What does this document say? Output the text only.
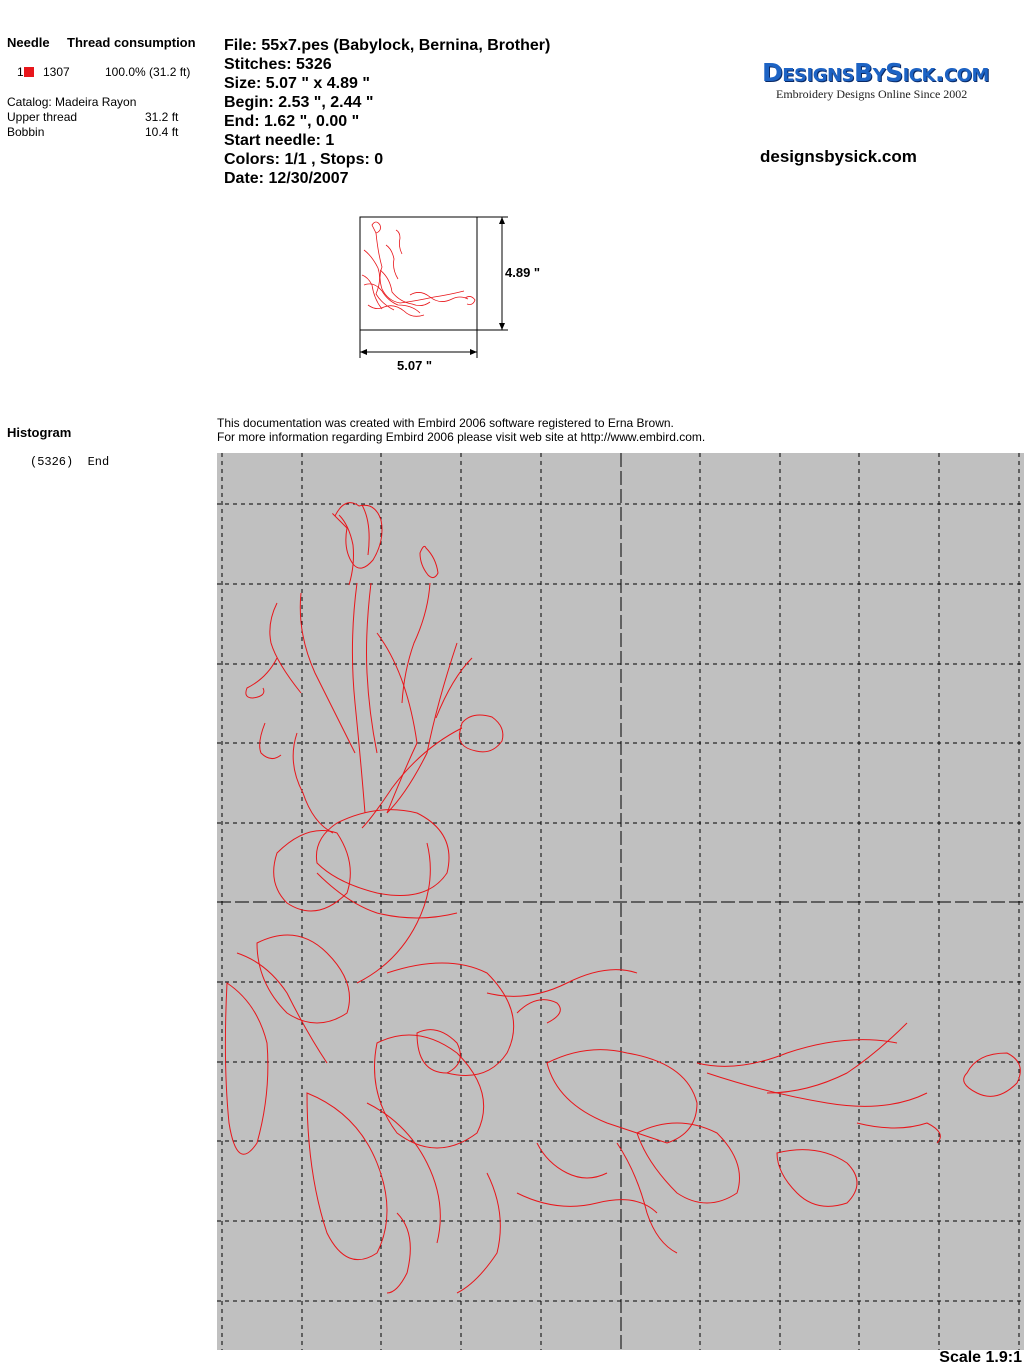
Needle Thread consumption
1	1307	100.0% (31.2 ft)
Catalog: Madeira Rayon
Upper thread	31.2 ft
Bobbin	10.4 ft
Histogram
(5326)  End
File: 55x7.pes (Babylock, Bernina, Brother)
Stitches: 5326
Size: 5.07 " x 4.89 "
Begin: 2.53 ", 2.44 "
End: 1.62 ", 0.00 "
Start needle: 1
Colors: 1/1 , Stops: 0
Date: 12/30/2007
DesignsBySick.com
Embroidery Designs Online Since 2002
designsbysick.com
4.89 "
5.07 "
This documentation was created with Embird 2006 software registered to Erna Brown.
For more information regarding Embird 2006 please visit web site at http://www.embird.com.
Scale 1.9:1
